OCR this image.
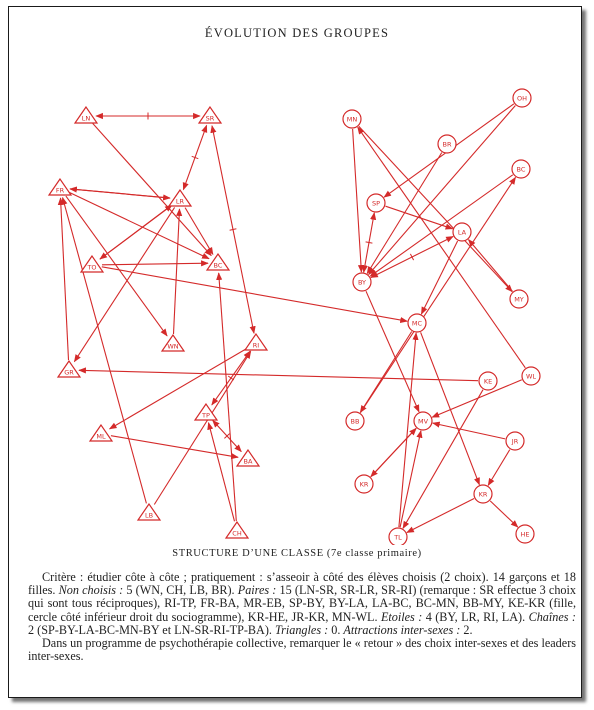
ÉVOLUTION DES GROUPES
LN	SR
FR
LR
TO	BC
WN	RI
GR
TP
ML
BA
LB
CH
MN
OH
BR
BC
SP
LA
BY
MY
MC
KE
WL
BB	MV
JR
KR
KR
TL	HE
STRUCTURE D’UNE CLASSE (7e classe primaire)

Critère : étudier côte à côte ; pratiquement : s’asseoir à côté des élèves choisis (2 choix). 14 garçons et 18 filles. Non choisis : 5 (WN, CH, LB, BR). Paires : 15 (LN-SR, SR-LR, SR-RI) (remarque : SR effectue 3 choix qui sont tous réciproques), RI-TP, FR-BA, MR-EB, SP-BY, BY-LA, LA-BC, BC-MN, BB-MY, KE-KR (fille, cercle côté inférieur droit du sociogramme), KR-HE, JR-KR, MN-WL. Etoiles : 4 (BY, LR, RI, LA). Chaînes : 2 (SP-BY-LA-BC-MN-BY et LN-SR-RI-TP-BA). Triangles : 0. Attractions inter-sexes : 2.

Dans un programme de psychothérapie collective, remarquer le « retour » des choix inter-sexes et des leaders inter-sexes.
